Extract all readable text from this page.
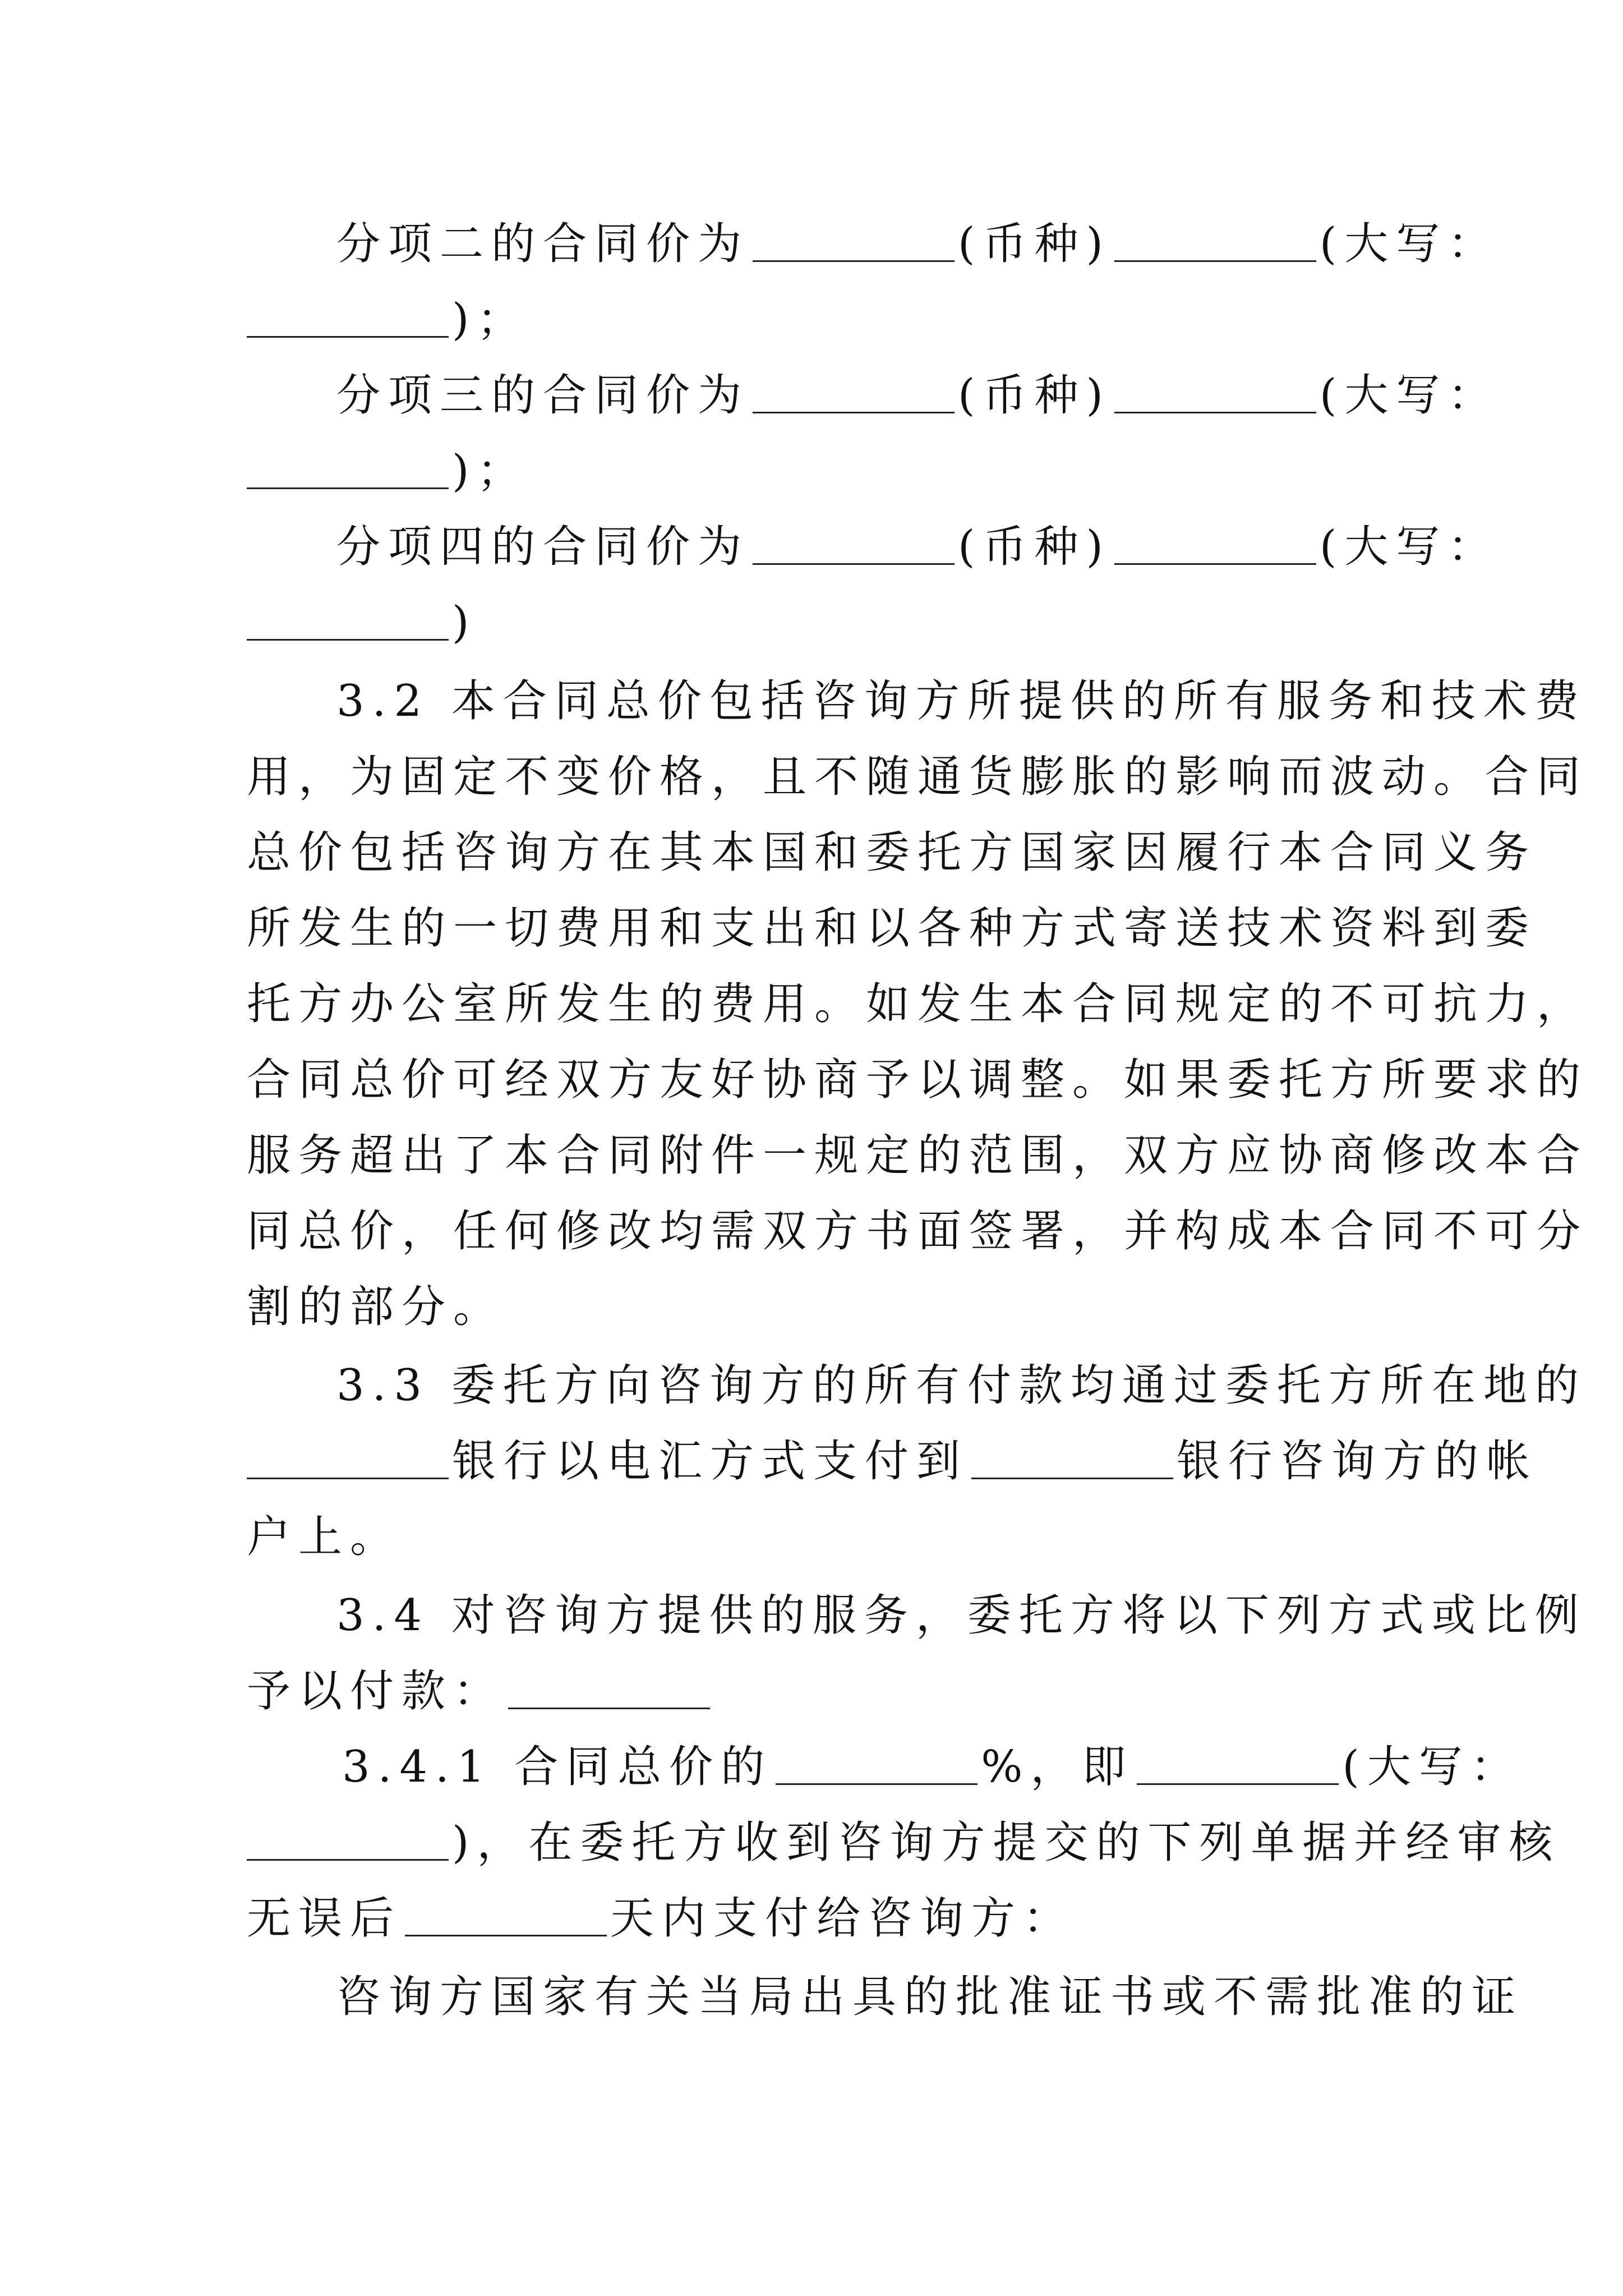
分项二的合同价为	(币种)	(大写：
)；
分项三的合同价为	(币种)	(大写：
)；
分项四的合同价为	(币种)	(大写：
)
3.2 本合同总价包括咨询方所提供的所有服务和技术费
用，为固定不变价格，且不随通货膨胀的影响而波动。合同
总价包括咨询方在其本国和委托方国家因履行本合同义务
所发生的一切费用和支出和以各种方式寄送技术资料到委
托方办公室所发生的费用。如发生本合同规定的不可抗力，
合同总价可经双方友好协商予以调整。如果委托方所要求的
服务超出了本合同附件一规定的范围，双方应协商修改本合
同总价，任何修改均需双方书面签署，并构成本合同不可分
割的部分。
3.3 委托方向咨询方的所有付款均通过委托方所在地的
银行以电汇方式支付到	银行咨询方的帐
户上。
3.4 对咨询方提供的服务，委托方将以下列方式或比例
予以付款：
3.4.1 合同总价的	%，即	(大写：
)，在委托方收到咨询方提交的下列单据并经审核
无误后	天内支付给咨询方：
咨询方国家有关当局出具的批准证书或不需批准的证
